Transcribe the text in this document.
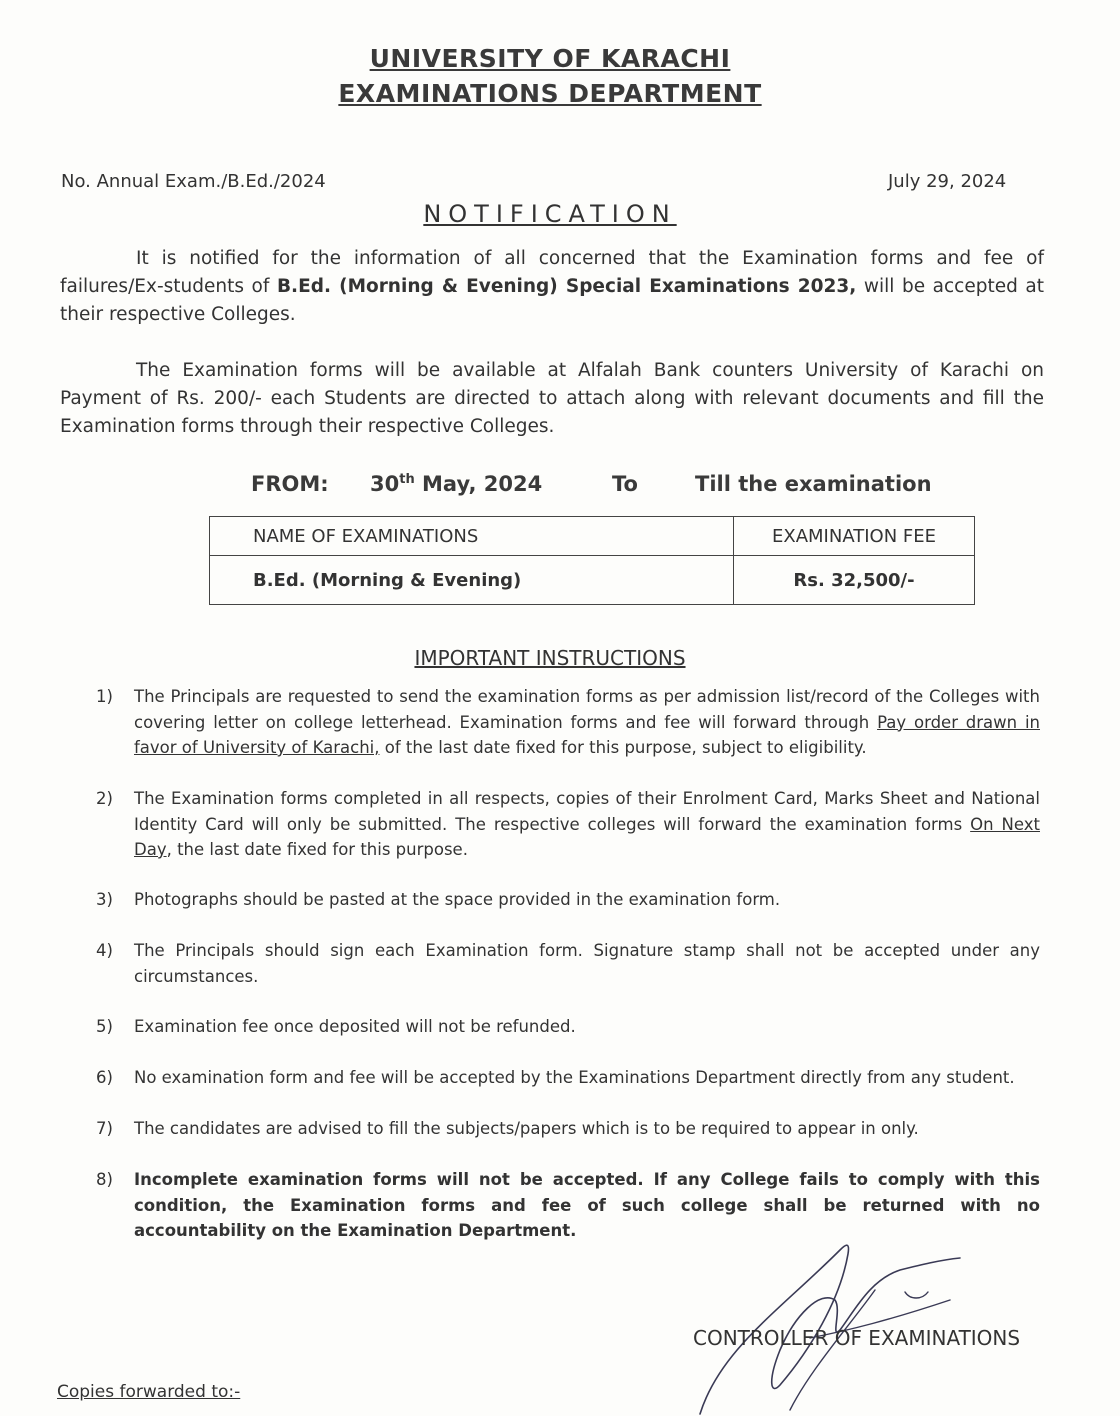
UNIVERSITY OF KARACHI
EXAMINATIONS DEPARTMENT
No. Annual Exam./B.Ed./2024	July 29, 2024
NOTIFICATION

It is notified for the information of all concerned that the Examination forms and fee of failures/Ex-students of B.Ed. (Morning & Evening) Special Examinations 2023, will be accepted at their respective Colleges.

The Examination forms will be available at Alfalah Bank counters University of Karachi on Payment of Rs. 200/- each Students are directed to attach along with relevant documents and fill the Examination forms through their respective Colleges.

FROM: 30th May, 2024	To	Till the examination
NAME OF EXAMINATIONS	EXAMINATION FEE
B.Ed. (Morning & Evening)	Rs. 32,500/-
IMPORTANT INSTRUCTIONS
1)	The Principals are requested to send the examination forms as per admission list/record of the Colleges with covering letter on college letterhead. Examination forms and fee will forward through Pay order drawn in favor of University of Karachi, of the last date fixed for this purpose, subject to eligibility.
2)	The Examination forms completed in all respects, copies of their Enrolment Card, Marks Sheet and National Identity Card will only be submitted. The respective colleges will forward the examination forms On Next Day, the last date fixed for this purpose.
3)	Photographs should be pasted at the space provided in the examination form.
4)	The Principals should sign each Examination form. Signature stamp shall not be accepted under any circumstances.
5)	Examination fee once deposited will not be refunded.
6)	No examination form and fee will be accepted by the Examinations Department directly from any student.
7)	The candidates are advised to fill the subjects/papers which is to be required to appear in only.
8)	Incomplete examination forms will not be accepted. If any College fails to comply with this condition, the Examination forms and fee of such college shall be returned with no accountability on the Examination Department.
CONTROLLER OF EXAMINATIONS
Copies forwarded to:-
